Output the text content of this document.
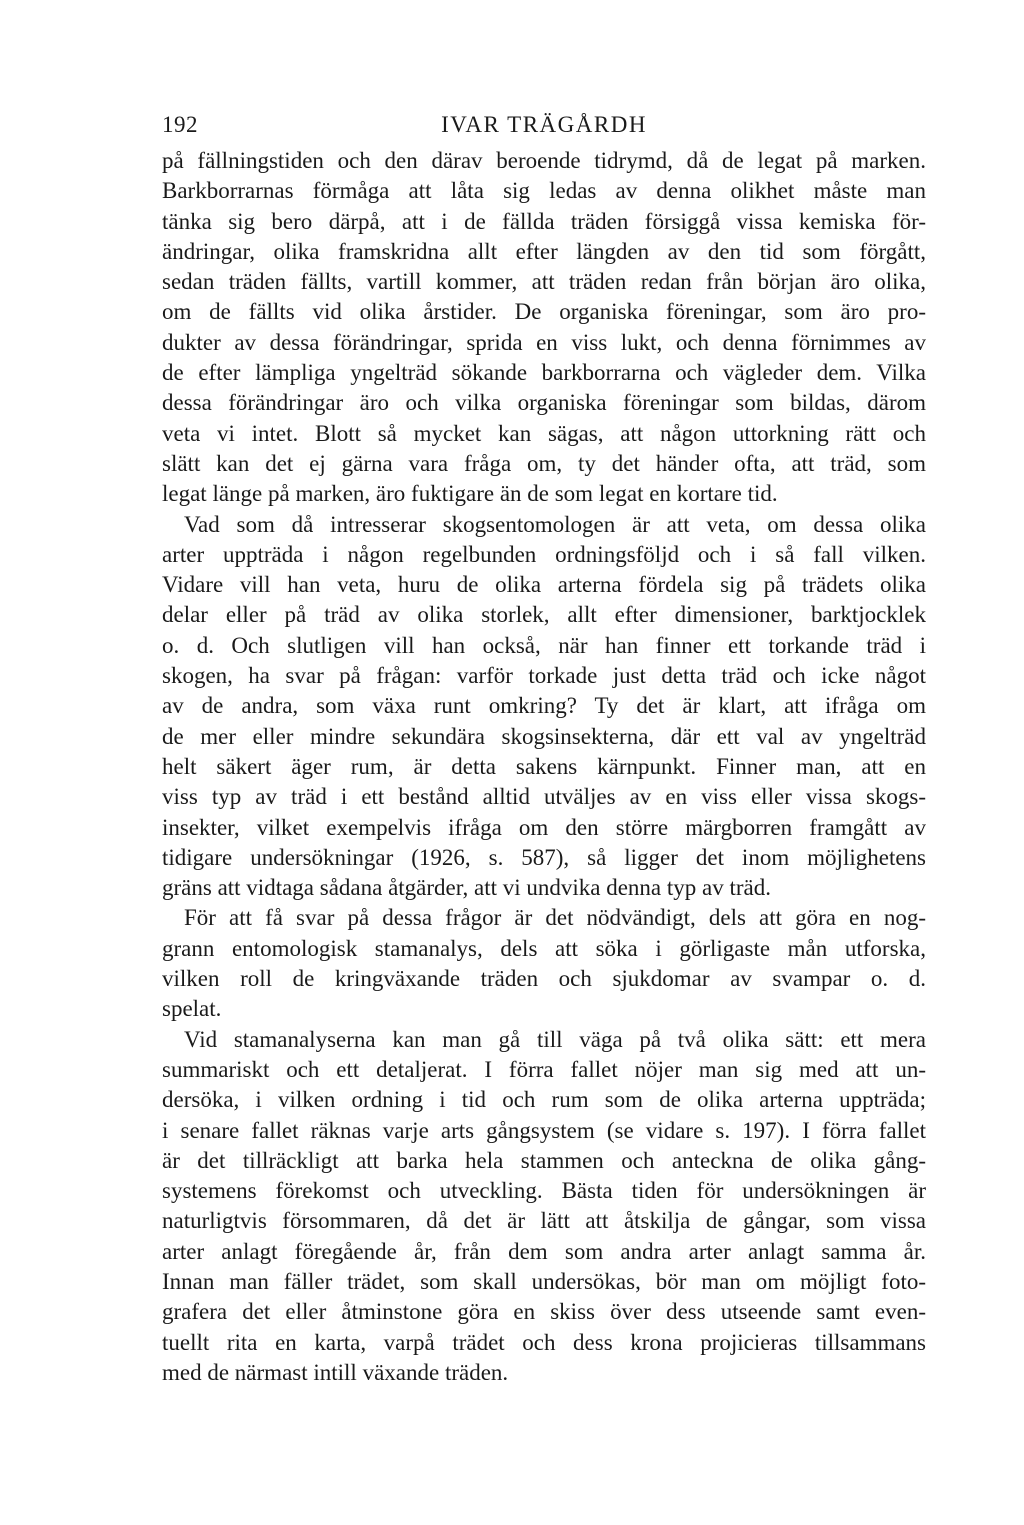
192	IVAR TRÄGÅRDH
på fällningstiden och den därav beroende tidrymd, då de legat på marken.
Barkborrarnas förmåga att låta sig ledas av denna olikhet måste man
tänka sig bero därpå, att i de fällda träden försiggå vissa kemiska för-
ändringar, olika framskridna allt efter längden av den tid som förgått,
sedan träden fällts, vartill kommer, att träden redan från början äro olika,
om de fällts vid olika årstider. De organiska föreningar, som äro pro-
dukter av dessa förändringar, sprida en viss lukt, och denna förnimmes av
de efter lämpliga yngelträd sökande barkborrarna och vägleder dem. Vilka
dessa förändringar äro och vilka organiska föreningar som bildas, därom
veta vi intet. Blott så mycket kan sägas, att någon uttorkning rätt och
slätt kan det ej gärna vara fråga om, ty det händer ofta, att träd, som
legat länge på marken, äro fuktigare än de som legat en kortare tid.
Vad som då intresserar skogsentomologen är att veta, om dessa olika
arter uppträda i någon regelbunden ordningsföljd och i så fall vilken.
Vidare vill han veta, huru de olika arterna fördela sig på trädets olika
delar eller på träd av olika storlek, allt efter dimensioner, barktjocklek
o. d. Och slutligen vill han också, när han finner ett torkande träd i
skogen, ha svar på frågan: varför torkade just detta träd och icke något
av de andra, som växa runt omkring? Ty det är klart, att ifråga om
de mer eller mindre sekundära skogsinsekterna, där ett val av yngelträd
helt säkert äger rum, är detta sakens kärnpunkt. Finner man, att en
viss typ av träd i ett bestånd alltid utväljes av en viss eller vissa skogs-
insekter, vilket exempelvis ifråga om den större märgborren framgått av
tidigare undersökningar (1926, s. 587), så ligger det inom möjlighetens
gräns att vidtaga sådana åtgärder, att vi undvika denna typ av träd.
För att få svar på dessa frågor är det nödvändigt, dels att göra en nog-
grann entomologisk stamanalys, dels att söka i görligaste mån utforska,
vilken roll de kringväxande träden och sjukdomar av svampar o. d.
spelat.
Vid stamanalyserna kan man gå till väga på två olika sätt: ett mera
summariskt och ett detaljerat. I förra fallet nöjer man sig med att un-
dersöka, i vilken ordning i tid och rum som de olika arterna uppträda;
i senare fallet räknas varje arts gångsystem (se vidare s. 197). I förra fallet
är det tillräckligt att barka hela stammen och anteckna de olika gång-
systemens förekomst och utveckling. Bästa tiden för undersökningen är
naturligtvis försommaren, då det är lätt att åtskilja de gångar, som vissa
arter anlagt föregående år, från dem som andra arter anlagt samma år.
Innan man fäller trädet, som skall undersökas, bör man om möjligt foto-
grafera det eller åtminstone göra en skiss över dess utseende samt even-
tuellt rita en karta, varpå trädet och dess krona projicieras tillsammans
med de närmast intill växande träden.
